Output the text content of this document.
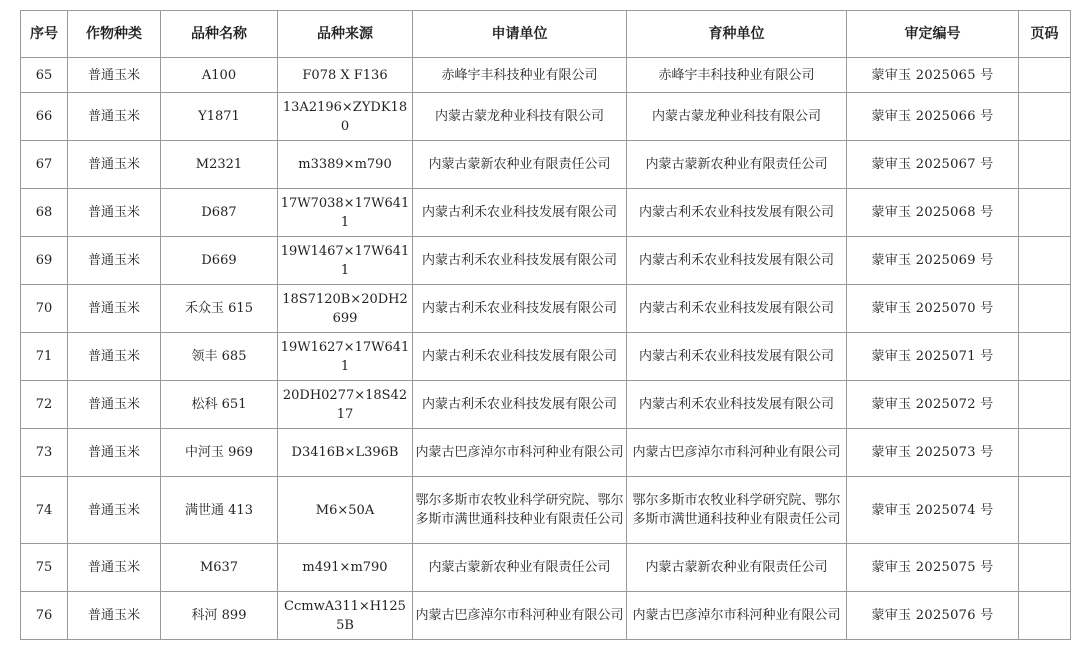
序号	作物种类	品种名称	品种来源	申请单位	育种单位	审定编号	页码
65	普通玉米	A100	F078 X F136	赤峰宇丰科技种业有限公司	赤峰宇丰科技种业有限公司	蒙审玉 2025065 号	
66	普通玉米	Y1871	13A2196×ZYDK180	内蒙古蒙龙种业科技有限公司	内蒙古蒙龙种业科技有限公司	蒙审玉 2025066 号	
67	普通玉米	M2321	m3389×m790	内蒙古蒙新农种业有限责任公司	内蒙古蒙新农种业有限责任公司	蒙审玉 2025067 号	
68	普通玉米	D687	17W7038×17W6411	内蒙古利禾农业科技发展有限公司	内蒙古利禾农业科技发展有限公司	蒙审玉 2025068 号	
69	普通玉米	D669	19W1467×17W6411	内蒙古利禾农业科技发展有限公司	内蒙古利禾农业科技发展有限公司	蒙审玉 2025069 号	
70	普通玉米	禾众玉 615	18S7120B×20DH2699	内蒙古利禾农业科技发展有限公司	内蒙古利禾农业科技发展有限公司	蒙审玉 2025070 号	
71	普通玉米	领丰 685	19W1627×17W6411	内蒙古利禾农业科技发展有限公司	内蒙古利禾农业科技发展有限公司	蒙审玉 2025071 号	
72	普通玉米	松科 651	20DH0277×18S4217	内蒙古利禾农业科技发展有限公司	内蒙古利禾农业科技发展有限公司	蒙审玉 2025072 号	
73	普通玉米	中河玉 969	D3416B×L396B	内蒙古巴彦淖尔市科河种业有限公司	内蒙古巴彦淖尔市科河种业有限公司	蒙审玉 2025073 号	
74	普通玉米	满世通 413	M6×50A	鄂尔多斯市农牧业科学研究院、鄂尔多斯市满世通科技种业有限责任公司	鄂尔多斯市农牧业科学研究院、鄂尔多斯市满世通科技种业有限责任公司	蒙审玉 2025074 号	
75	普通玉米	M637	m491×m790	内蒙古蒙新农种业有限责任公司	内蒙古蒙新农种业有限责任公司	蒙审玉 2025075 号	
76	普通玉米	科河 899	CcmwA311×H1255B	内蒙古巴彦淖尔市科河种业有限公司	内蒙古巴彦淖尔市科河种业有限公司	蒙审玉 2025076 号	
